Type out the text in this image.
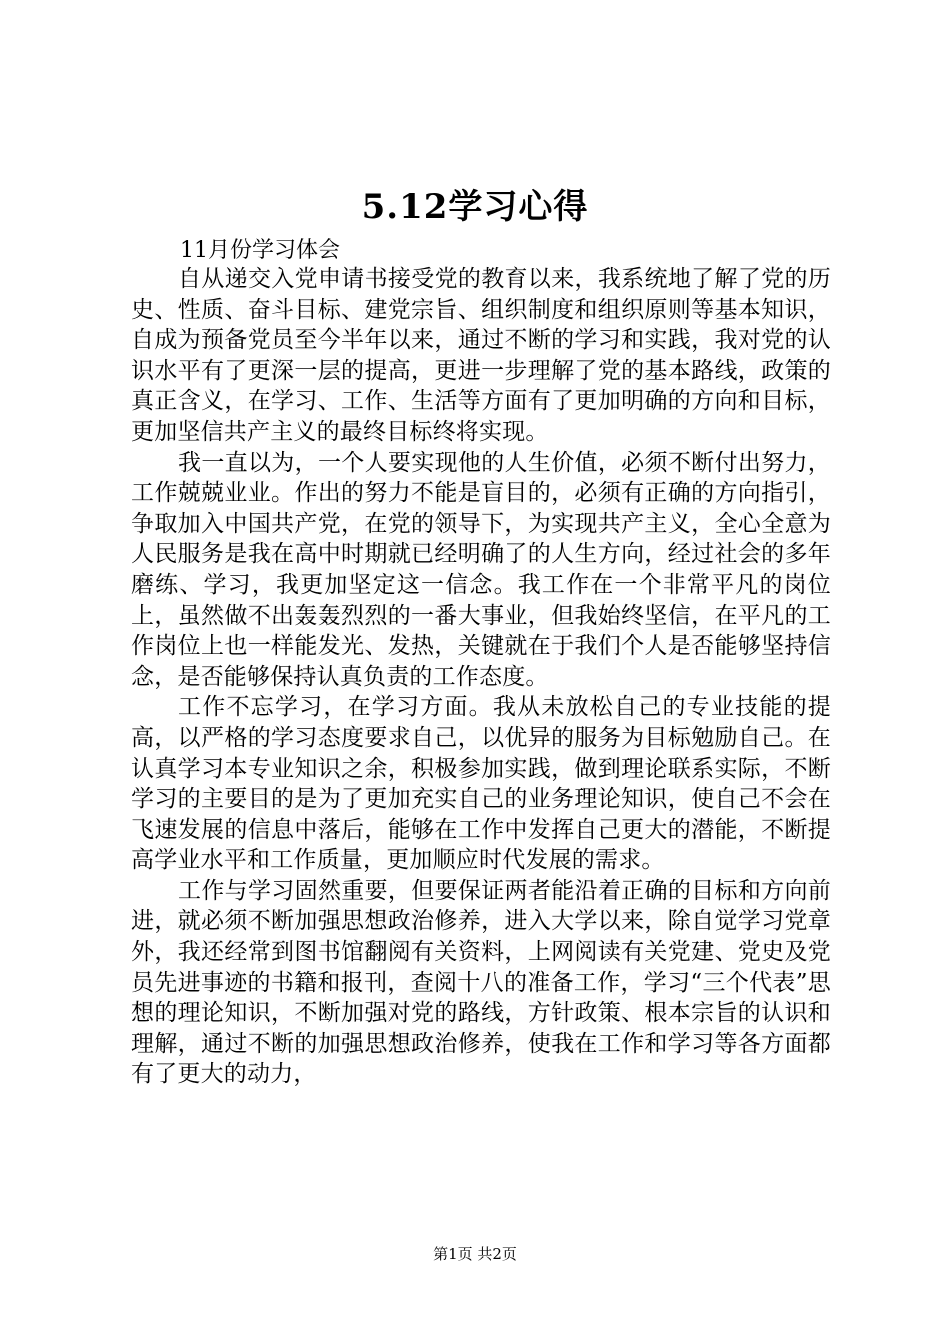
5.12学习心得
11月份学习体会

自从递交入党申请书接受党的教育以来，我系统地了解了党的历史、性质、奋斗目标、建党宗旨、组织制度和组织原则等基本知识，自成为预备党员至今半年以来，通过不断的学习和实践，我对党的认识水平有了更深一层的提高，更进一步理解了党的基本路线，政策的真正含义，在学习、工作、生活等方面有了更加明确的方向和目标，更加坚信共产主义的最终目标终将实现。

我一直以为，一个人要实现他的人生价值，必须不断付出努力，工作兢兢业业。作出的努力不能是盲目的，必须有正确的方向指引，争取加入中国共产党，在党的领导下，为实现共产主义，全心全意为人民服务是我在高中时期就已经明确了的人生方向，经过社会的多年磨练、学习，我更加坚定这一信念。我工作在一个非常平凡的岗位上，虽然做不出轰轰烈烈的一番大事业，但我始终坚信，在平凡的工作岗位上也一样能发光、发热，关键就在于我们个人是否能够坚持信念，是否能够保持认真负责的工作态度。

工作不忘学习，在学习方面。我从未放松自己的专业技能的提高，以严格的学习态度要求自己，以优异的服务为目标勉励自己。在认真学习本专业知识之余，积极参加实践，做到理论联系实际，不断学习的主要目的是为了更加充实自己的业务理论知识，使自己不会在飞速发展的信息中落后，能够在工作中发挥自己更大的潜能，不断提高学业水平和工作质量，更加顺应时代发展的需求。

工作与学习固然重要，但要保证两者能沿着正确的目标和方向前进，就必须不断加强思想政治修养，进入大学以来，除自觉学习党章外，我还经常到图书馆翻阅有关资料，上网阅读有关党建、党史及党员先进事迹的书籍和报刊，查阅十八的准备工作，学习“三个代表”思想的理论知识，不断加强对党的路线，方针政策、根本宗旨的认识和理解，通过不断的加强思想政治修养，使我在工作和学习等各方面都有了更大的动力，

第1页 共2页
